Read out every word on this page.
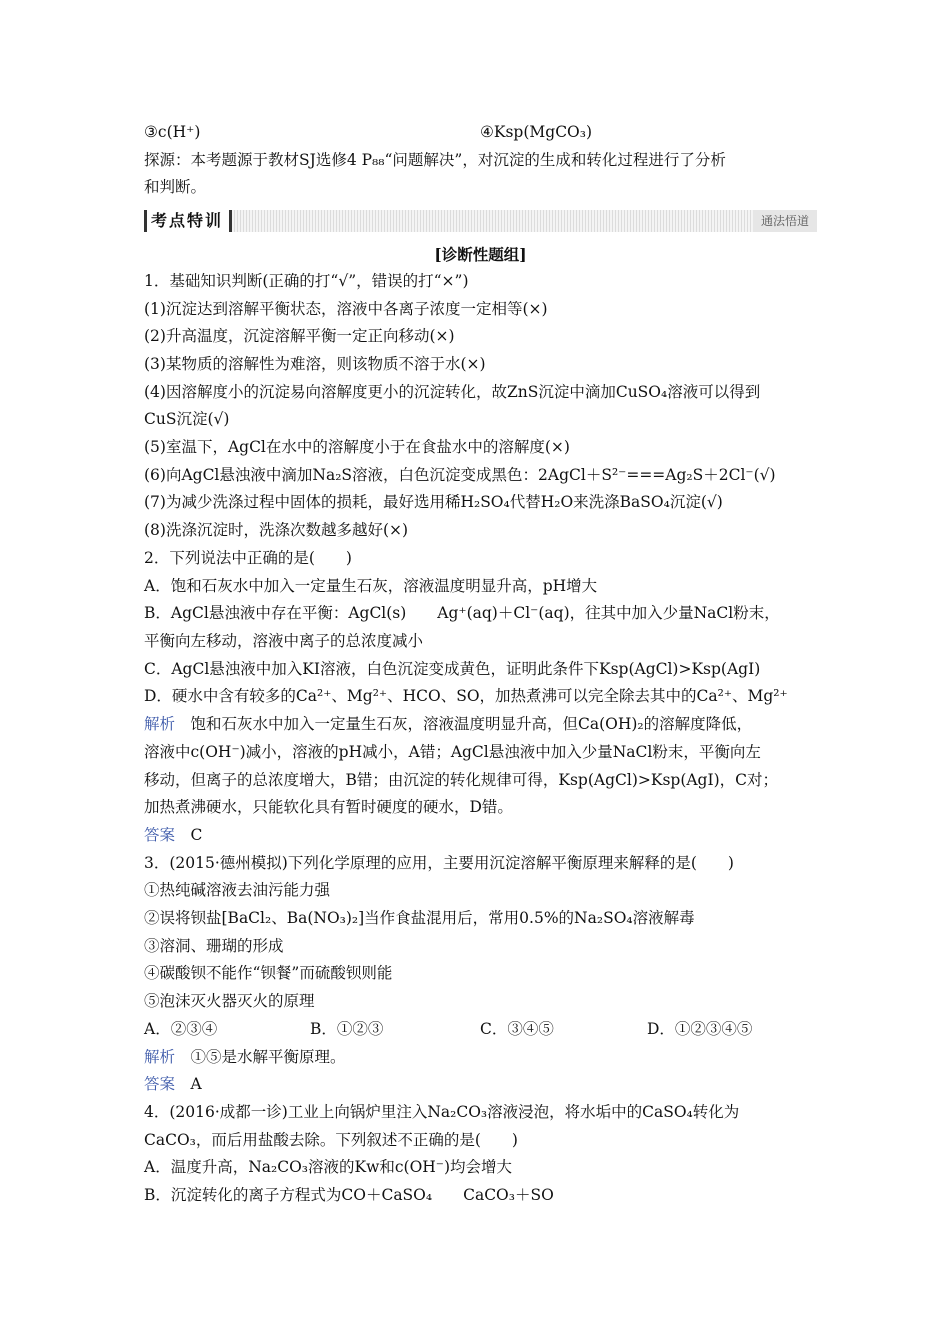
③c(H⁺)	④Ksp(MgCO₃)
探源：本考题源于教材SJ选修4 P₈₈“问题解决”，对沉淀的生成和转化过程进行了分析
和判断。
考点特训	通法悟道
[诊断性题组]
1．基础知识判断(正确的打“√”，错误的打“×”)
(1)沉淀达到溶解平衡状态，溶液中各离子浓度一定相等(×)
(2)升高温度，沉淀溶解平衡一定正向移动(×)
(3)某物质的溶解性为难溶，则该物质不溶于水(×)
(4)因溶解度小的沉淀易向溶解度更小的沉淀转化，故ZnS沉淀中滴加CuSO₄溶液可以得到
CuS沉淀(√)
(5)室温下，AgCl在水中的溶解度小于在食盐水中的溶解度(×)
(6)向AgCl悬浊液中滴加Na₂S溶液，白色沉淀变成黑色：2AgCl＋S²⁻===Ag₂S＋2Cl⁻(√)
(7)为减少洗涤过程中固体的损耗，最好选用稀H₂SO₄代替H₂O来洗涤BaSO₄沉淀(√)
(8)洗涤沉淀时，洗涤次数越多越好(×)
2．下列说法中正确的是(　　)
A．饱和石灰水中加入一定量生石灰，溶液温度明显升高，pH增大
B．AgCl悬浊液中存在平衡：AgCl(s)　　Ag⁺(aq)＋Cl⁻(aq)，往其中加入少量NaCl粉末，
平衡向左移动，溶液中离子的总浓度减小
C．AgCl悬浊液中加入KI溶液，白色沉淀变成黄色，证明此条件下Ksp(AgCl)>Ksp(AgI)
D．硬水中含有较多的Ca²⁺、Mg²⁺、HCO、SO，加热煮沸可以完全除去其中的Ca²⁺、Mg²⁺
解析　饱和石灰水中加入一定量生石灰，溶液温度明显升高，但Ca(OH)₂的溶解度降低，
溶液中c(OH⁻)减小，溶液的pH减小，A错；AgCl悬浊液中加入少量NaCl粉末，平衡向左
移动，但离子的总浓度增大，B错；由沉淀的转化规律可得，Ksp(AgCl)>Ksp(AgI)，C对；
加热煮沸硬水，只能软化具有暂时硬度的硬水，D错。
答案　C
3．(2015·德州模拟)下列化学原理的应用，主要用沉淀溶解平衡原理来解释的是(　　)
①热纯碱溶液去油污能力强
②误将钡盐[BaCl₂、Ba(NO₃)₂]当作食盐混用后，常用0.5%的Na₂SO₄溶液解毒
③溶洞、珊瑚的形成
④碳酸钡不能作“钡餐”而硫酸钡则能
⑤泡沫灭火器灭火的原理
A．②③④	B．①②③	C．③④⑤	D．①②③④⑤
解析　①⑤是水解平衡原理。
答案　A
4．(2016·成都一诊)工业上向锅炉里注入Na₂CO₃溶液浸泡，将水垢中的CaSO₄转化为
CaCO₃，而后用盐酸去除。下列叙述不正确的是(　　)
A．温度升高，Na₂CO₃溶液的Kw和c(OH⁻)均会增大
B．沉淀转化的离子方程式为CO＋CaSO₄　　CaCO₃＋SO
